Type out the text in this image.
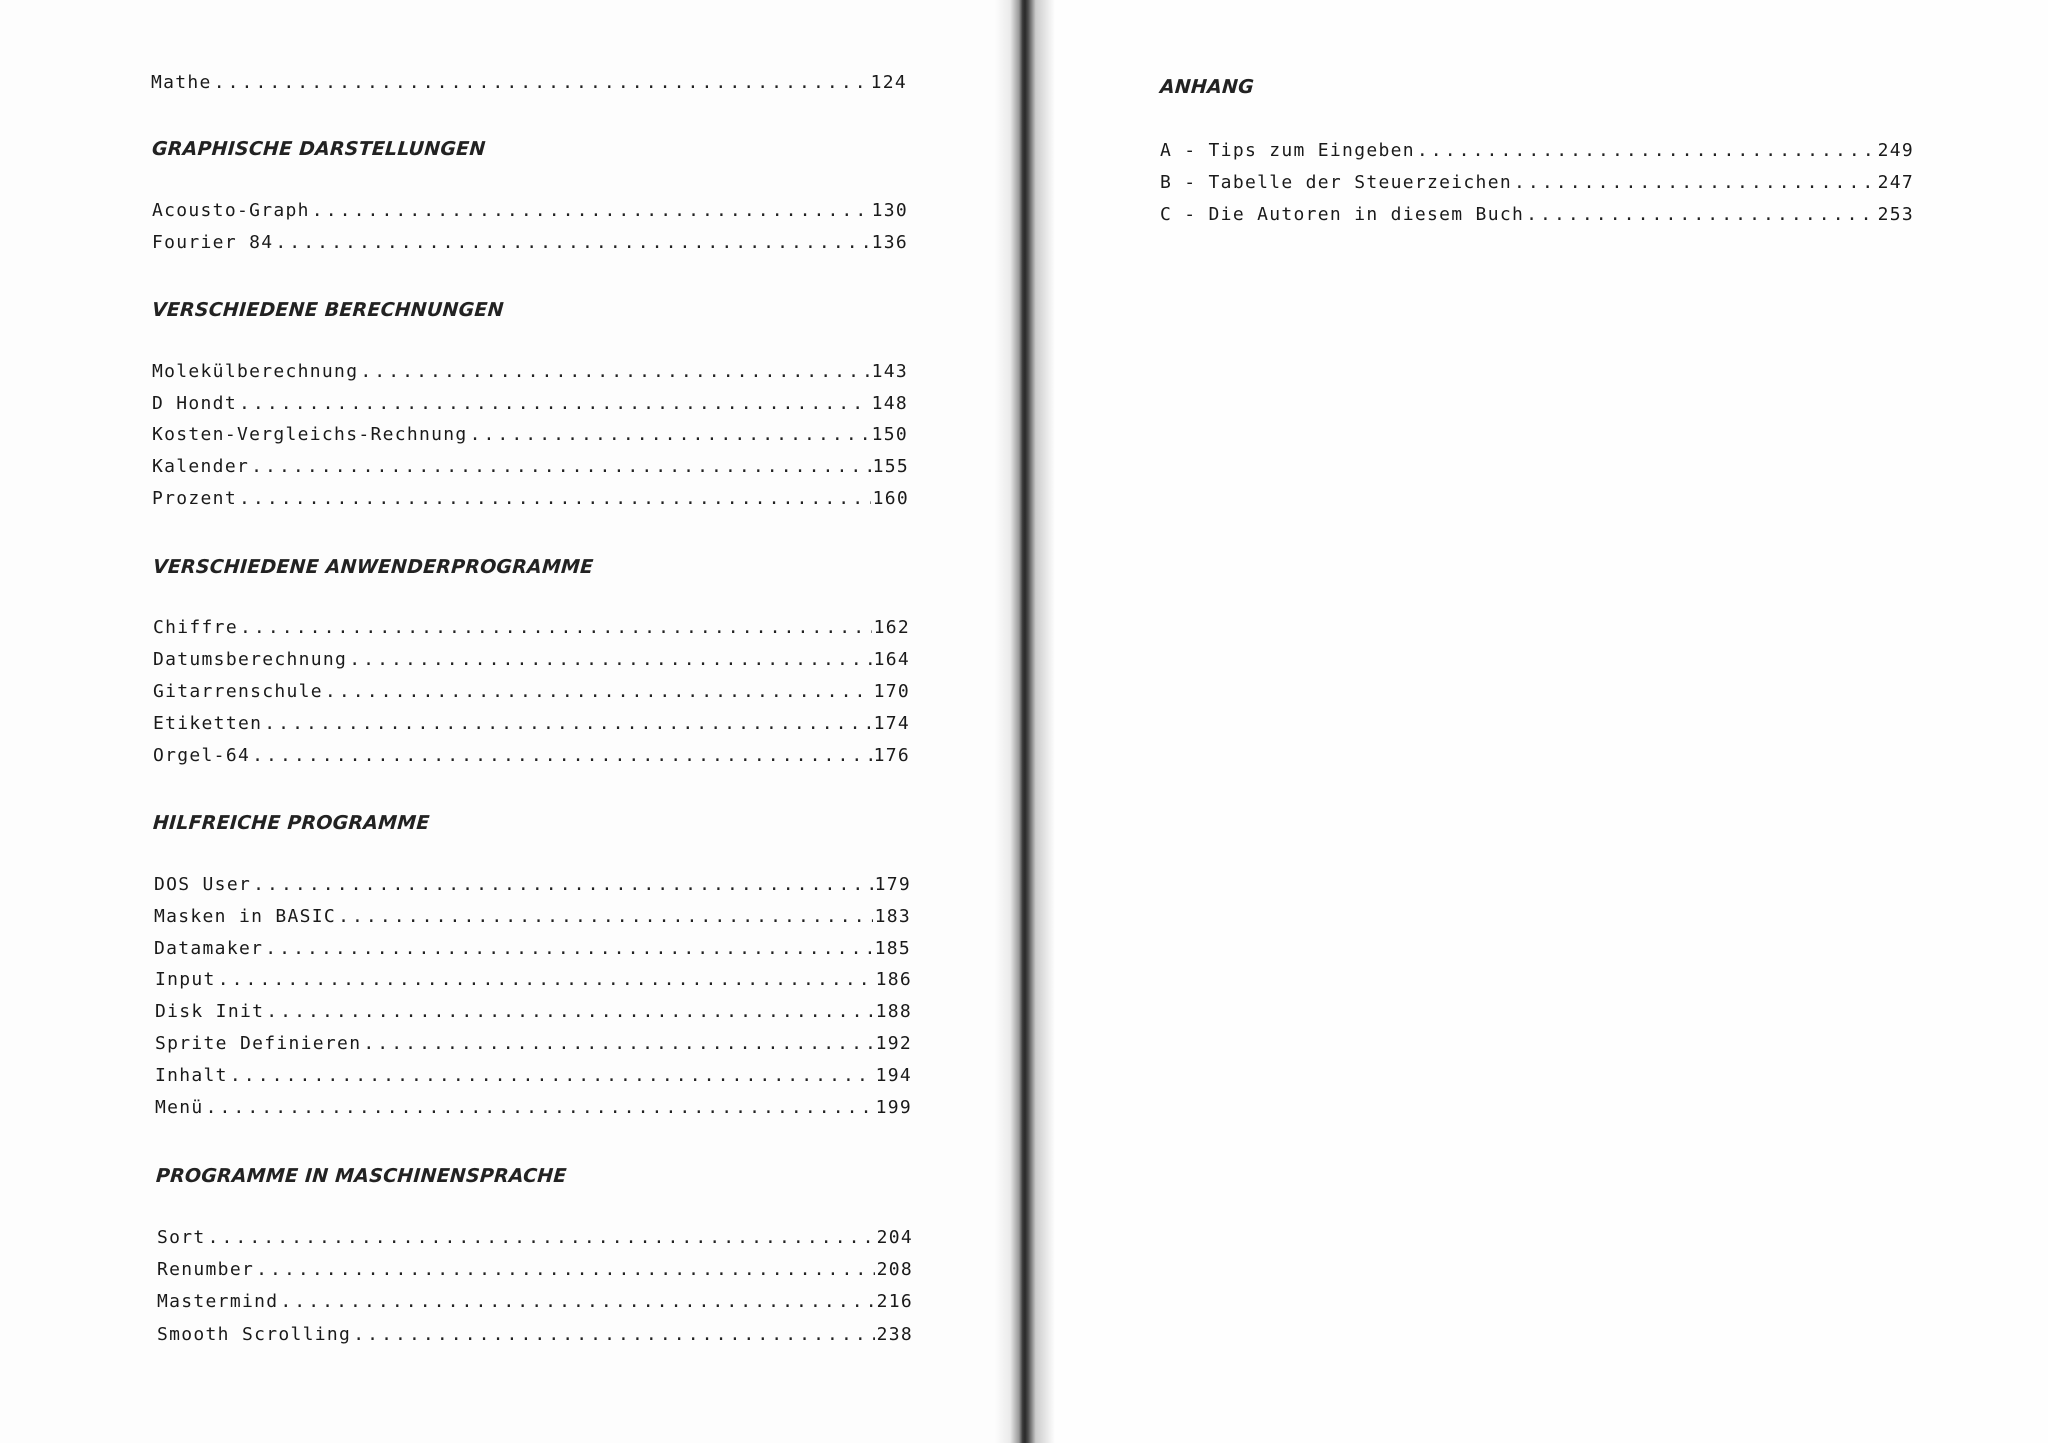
Mathe .....	124
GRAPHISCHE DARSTELLUNGEN
Acousto-Graph .....	130
Fourier 84 .....	136
VERSCHIEDENE BERECHNUNGEN
Molekülberechnung .....	143
D Hondt .....	148
Kosten-Vergleichs-Rechnung .....	150
Kalender .....	155
Prozent .....	160
VERSCHIEDENE ANWENDERPROGRAMME
Chiffre .....	162
Datumsberechnung .....	164
Gitarrenschule .....	170
Etiketten .....	174
Orgel-64 .....	176
HILFREICHE PROGRAMME
DOS User .....	179
Masken in BASIC .....	183
Datamaker .....	185
Input .....	186
Disk Init .....	188
Sprite Definieren .....	192
Inhalt .....	194
Menü .....	199
PROGRAMME IN MASCHINENSPRACHE
Sort .....	204
Renumber .....	208
Mastermind .....	216
Smooth Scrolling .....	238
ANHANG
A - Tips zum Eingeben .....	249
B - Tabelle der Steuerzeichen .....	247
C - Die Autoren in diesem Buch .....	253
